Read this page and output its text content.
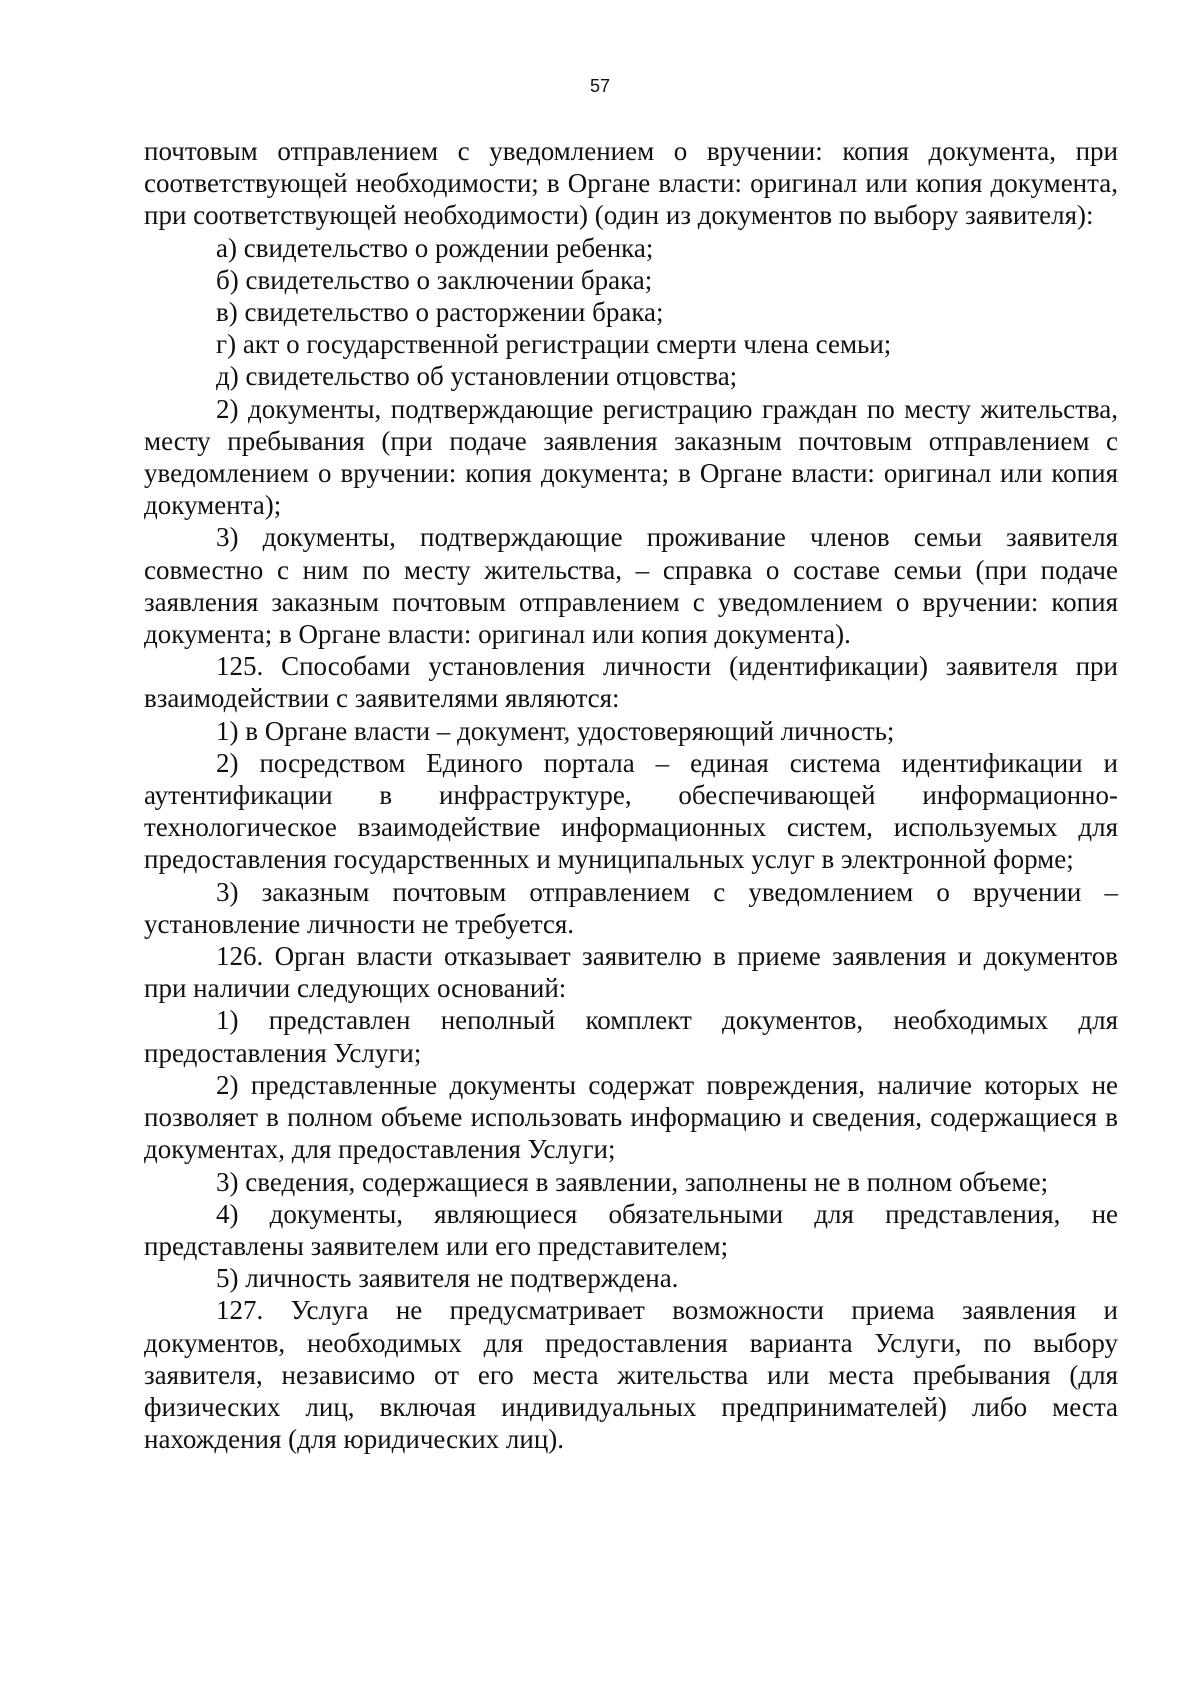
57

почтовым отправлением с уведомлением о вручении: копия документа, при соответствующей необходимости; в Органе власти: оригинал или копия документа, при соответствующей необходимости) (один из документов по выбору заявителя):

а) свидетельство о рождении ребенка;

б) свидетельство о заключении брака;

в) свидетельство о расторжении брака;

г) акт о государственной регистрации смерти члена семьи;

д) свидетельство об установлении отцовства;

2) документы, подтверждающие регистрацию граждан по месту жительства, месту пребывания (при подаче заявления заказным почтовым отправлением с уведомлением о вручении: копия документа; в Органе власти: оригинал или копия документа);

3) документы, подтверждающие проживание членов семьи заявителя совместно с ним по месту жительства, – справка о составе семьи (при подаче заявления заказным почтовым отправлением с уведомлением о вручении: копия документа; в Органе власти: оригинал или копия документа).

125. Способами установления личности (идентификации) заявителя при взаимодействии с заявителями являются:

1) в Органе власти – документ, удостоверяющий личность;

2) посредством Единого портала – единая система идентификации и аутентификации в инфраструктуре, обеспечивающей информационно-технологическое взаимодействие информационных систем, используемых для предоставления государственных и муниципальных услуг в электронной форме;

3) заказным почтовым отправлением с уведомлением о вручении – установление личности не требуется.

126. Орган власти отказывает заявителю в приеме заявления и документов при наличии следующих оснований:

1) представлен неполный комплект документов, необходимых для предоставления Услуги;

2) представленные документы содержат повреждения, наличие которых не позволяет в полном объеме использовать информацию и сведения, содержащиеся в документах, для предоставления Услуги;

3) сведения, содержащиеся в заявлении, заполнены не в полном объеме;

4) документы, являющиеся обязательными для представления, не представлены заявителем или его представителем;

5) личность заявителя не подтверждена.

127. Услуга не предусматривает возможности приема заявления и документов, необходимых для предоставления варианта Услуги, по выбору заявителя, независимо от его места жительства или места пребывания (для физических лиц, включая индивидуальных предпринимателей) либо места нахождения (для юридических лиц).
